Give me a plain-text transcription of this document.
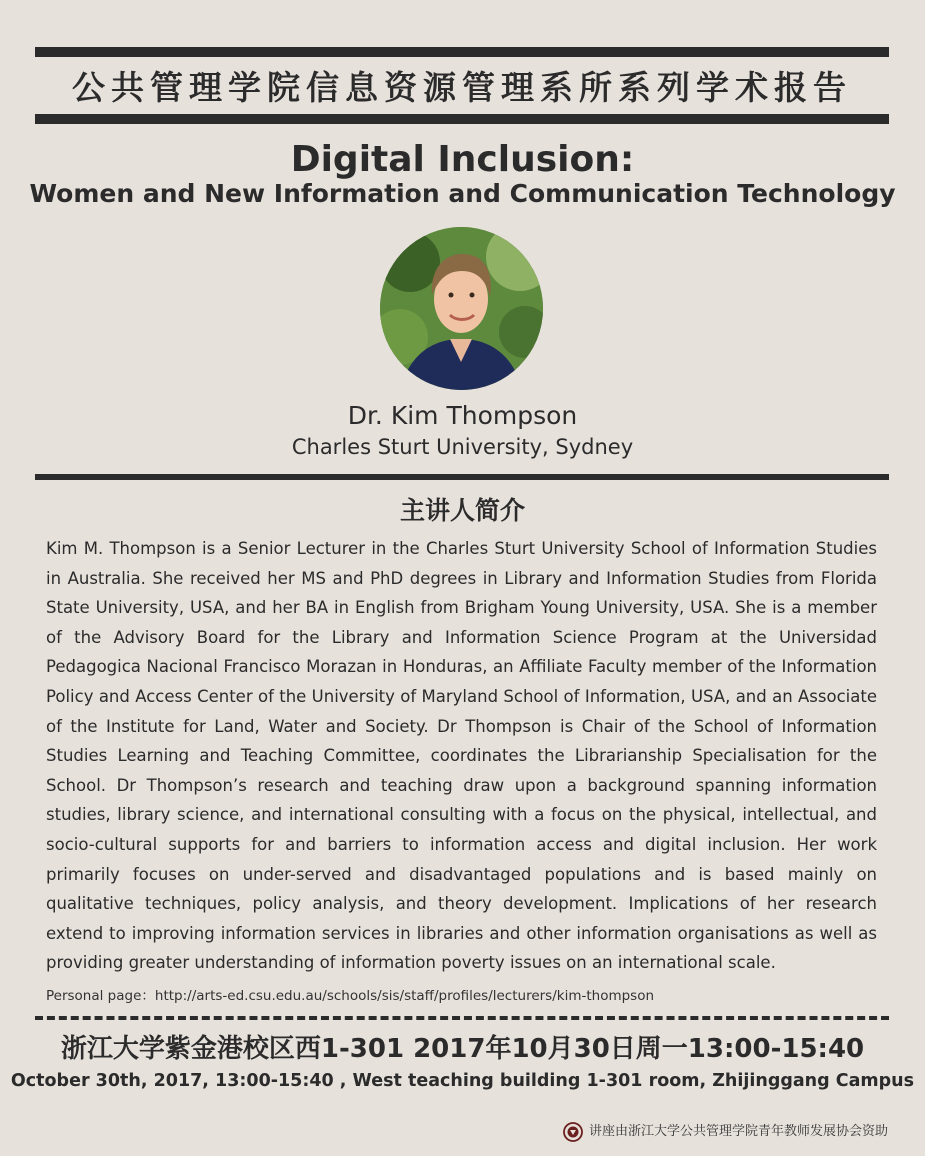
公共管理学院信息资源管理系所系列学术报告
Digital Inclusion:
Women and New Information and Communication Technology
Dr. Kim Thompson
Charles Sturt University, Sydney
主讲人简介

Kim M. Thompson is a Senior Lecturer in the Charles Sturt University School of Information Studies in Australia. She received her MS and PhD degrees in Library and Information Studies from Florida State University, USA, and her BA in English from Brigham Young University, USA. She is a member of the Advisory Board for the Library and Information Science Program at the Universidad Pedagogica Nacional Francisco Morazan in Honduras, an Affiliate Faculty member of the Information Policy and Access Center of the University of Maryland School of Information, USA, and an Associate of the Institute for Land, Water and Society. Dr Thompson is Chair of the School of Information Studies Learning and Teaching Committee, coordinates the Librarianship Specialisation for the School. Dr Thompson’s research and teaching draw upon a background spanning information studies, library science, and international consulting with a focus on the physical, intellectual, and socio-cultural supports for and barriers to information access and digital inclusion. Her work primarily focuses on under-served and disadvantaged populations and is based mainly on qualitative techniques, policy analysis, and theory development. Implications of her research extend to improving information services in libraries and other information organisations as well as providing greater understanding of information poverty issues on an international scale.

Personal page：http://arts-ed.csu.edu.au/schools/sis/staff/profiles/lecturers/kim-thompson
浙江大学紫金港校区西1-301 2017年10月30日周一13:00-15:40
October 30th, 2017, 13:00-15:40 , West teaching building 1-301 room, Zhijinggang Campus
讲座由浙江大学公共管理学院青年教师发展协会资助
